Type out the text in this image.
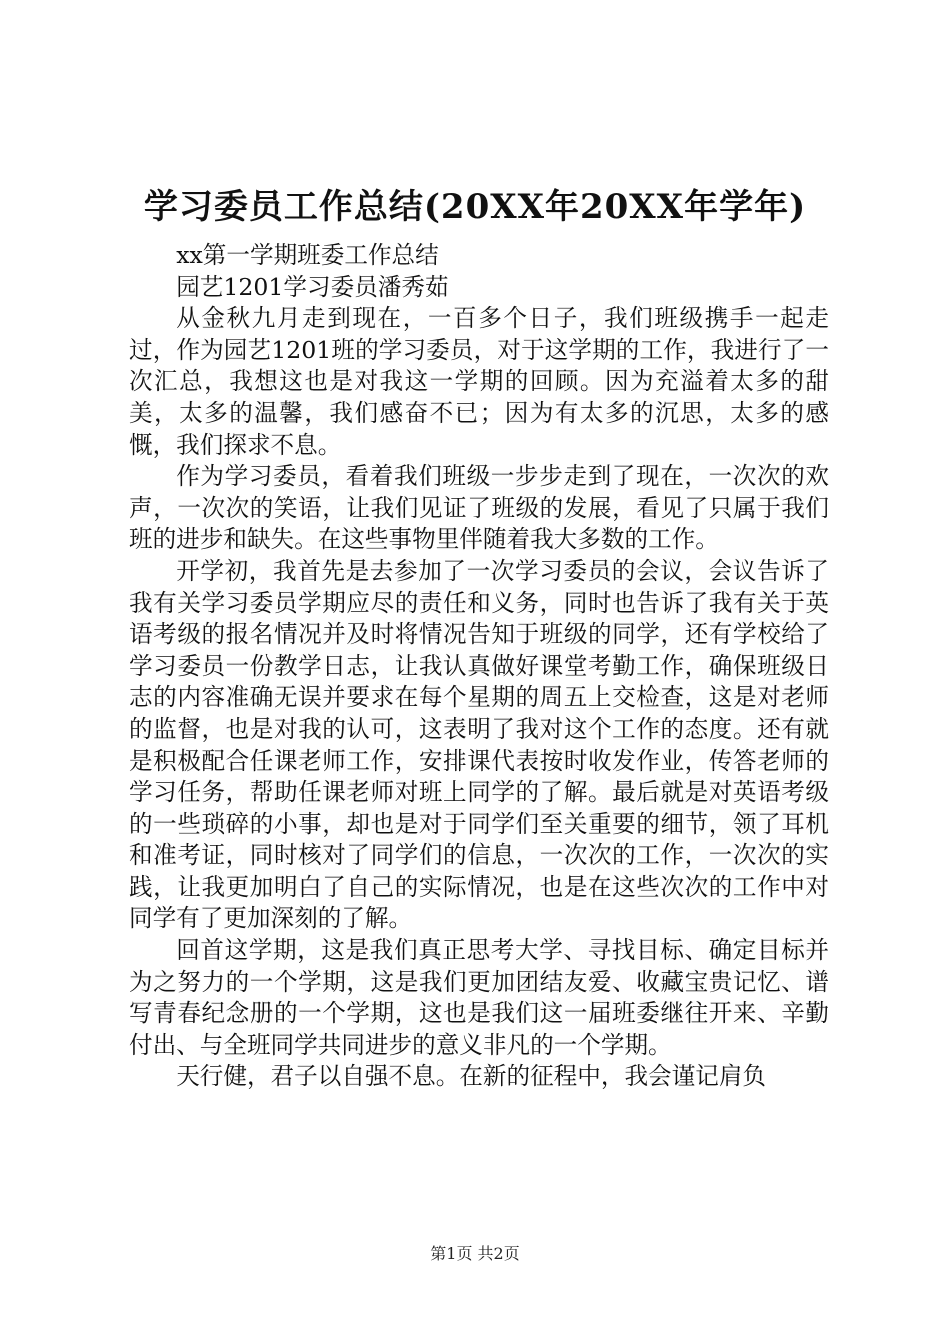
学习委员工作总结(20XX年20XX年学年)

xx第一学期班委工作总结

园艺1201学习委员潘秀茹

从金秋九月走到现在，一百多个日子，我们班级携手一起走过，作为园艺1201班的学习委员，对于这学期的工作，我进行了一次汇总，我想这也是对我这一学期的回顾。因为充溢着太多的甜美，太多的温馨，我们感奋不已；因为有太多的沉思，太多的感慨，我们探求不息。

作为学习委员，看着我们班级一步步走到了现在，一次次的欢声，一次次的笑语，让我们见证了班级的发展，看见了只属于我们班的进步和缺失。在这些事物里伴随着我大多数的工作。

开学初，我首先是去参加了一次学习委员的会议，会议告诉了我有关学习委员学期应尽的责任和义务，同时也告诉了我有关于英语考级的报名情况并及时将情况告知于班级的同学，还有学校给了学习委员一份教学日志，让我认真做好课堂考勤工作，确保班级日志的内容准确无误并要求在每个星期的周五上交检查，这是对老师的监督，也是对我的认可，这表明了我对这个工作的态度。还有就是积极配合任课老师工作，安排课代表按时收发作业，传答老师的学习任务，帮助任课老师对班上同学的了解。最后就是对英语考级的一些琐碎的小事，却也是对于同学们至关重要的细节，领了耳机和准考证，同时核对了同学们的信息，一次次的工作，一次次的实践，让我更加明白了自己的实际情况，也是在这些次次的工作中对同学有了更加深刻的了解。

回首这学期，这是我们真正思考大学、寻找目标、确定目标并为之努力的一个学期，这是我们更加团结友爱、收藏宝贵记忆、谱写青春纪念册的一个学期，这也是我们这一届班委继往开来、辛勤付出、与全班同学共同进步的意义非凡的一个学期。

天行健，君子以自强不息。在新的征程中，我会谨记肩负

第1页 共2页
